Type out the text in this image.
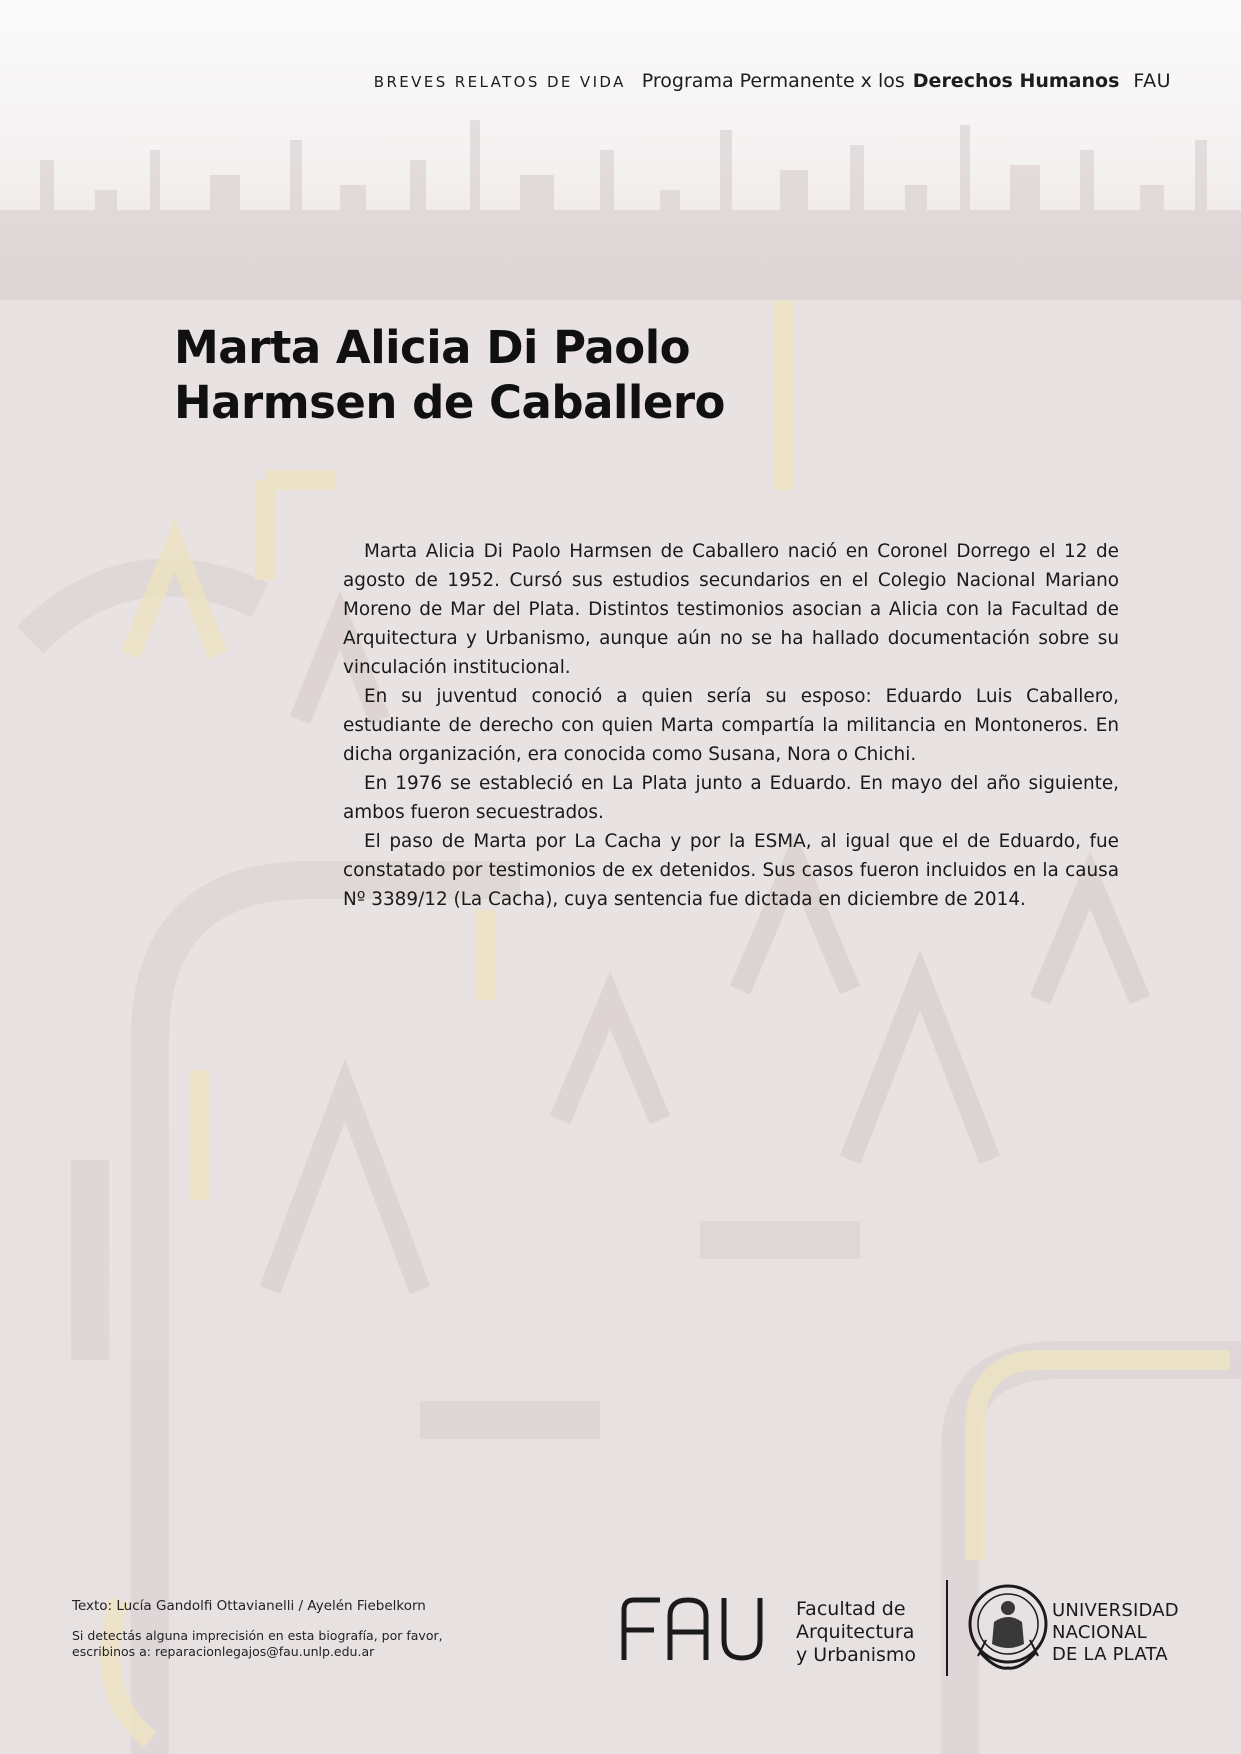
BREVES RELATOS DE VIDA Programa Permanente x los Derechos Humanos FAU
Marta Alicia Di Paolo
Harmsen de Caballero

Marta Alicia Di Paolo Harmsen de Caballero nació en Coronel Dorrego el 12 de agosto de 1952. Cursó sus estudios secundarios en el Colegio Nacional Mariano Moreno de Mar del Plata. Distintos testimonios asocian a Alicia con la Facultad de Arquitectura y Urbanismo, aunque aún no se ha hallado documentación sobre su vinculación institucional.

En su juventud conoció a quien sería su esposo: Eduardo Luis Caballero, estudiante de derecho con quien Marta compartía la militancia en Montoneros. En dicha organización, era conocida como Susana, Nora o Chichi.

En 1976 se estableció en La Plata junto a Eduardo. En mayo del año siguiente, ambos fueron secuestrados.

El paso de Marta por La Cacha y por la ESMA, al igual que el de Eduardo, fue constatado por testimonios de ex detenidos. Sus casos fueron incluidos en la causa Nº 3389/12 (La Cacha), cuya sentencia fue dictada en diciembre de 2014.

Texto: Lucía Gandolfi Ottavianelli / Ayelén Fiebelkorn
Si detectás alguna imprecisión en esta biografía, por favor,
escribinos a: reparacionlegajos@fau.unlp.edu.ar
Facultad de
Arquitectura
y Urbanismo
UNIVERSIDAD
NACIONAL
DE LA PLATA
